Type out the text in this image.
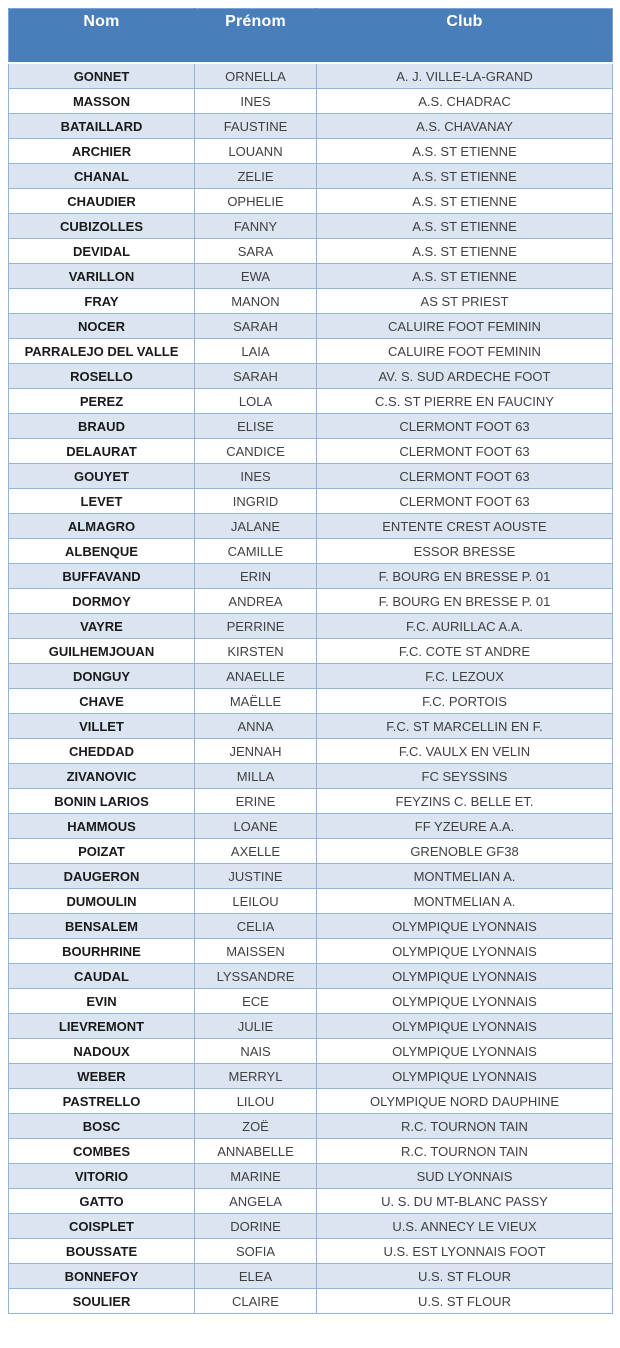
Nom	Prénom	Club
GONNET	ORNELLA	A. J. VILLE-LA-GRAND
MASSON	INES	A.S. CHADRAC
BATAILLARD	FAUSTINE	A.S. CHAVANAY
ARCHIER	LOUANN	A.S. ST ETIENNE
CHANAL	ZELIE	A.S. ST ETIENNE
CHAUDIER	OPHELIE	A.S. ST ETIENNE
CUBIZOLLES	FANNY	A.S. ST ETIENNE
DEVIDAL	SARA	A.S. ST ETIENNE
VARILLON	EWA	A.S. ST ETIENNE
FRAY	MANON	AS ST PRIEST
NOCER	SARAH	CALUIRE FOOT FEMININ
PARRALEJO DEL VALLE	LAIA	CALUIRE FOOT FEMININ
ROSELLO	SARAH	AV. S. SUD ARDECHE FOOT
PEREZ	LOLA	C.S. ST PIERRE EN FAUCINY
BRAUD	ELISE	CLERMONT FOOT 63
DELAURAT	CANDICE	CLERMONT FOOT 63
GOUYET	INES	CLERMONT FOOT 63
LEVET	INGRID	CLERMONT FOOT 63
ALMAGRO	JALANE	ENTENTE CREST AOUSTE
ALBENQUE	CAMILLE	ESSOR BRESSE
BUFFAVAND	ERIN	F. BOURG EN BRESSE P. 01
DORMOY	ANDREA	F. BOURG EN BRESSE P. 01
VAYRE	PERRINE	F.C. AURILLAC A.A.
GUILHEMJOUAN	KIRSTEN	F.C. COTE ST ANDRE
DONGUY	ANAELLE	F.C. LEZOUX
CHAVE	MAËLLE	F.C. PORTOIS
VILLET	ANNA	F.C. ST MARCELLIN EN F.
CHEDDAD	JENNAH	F.C. VAULX EN VELIN
ZIVANOVIC	MILLA	FC SEYSSINS
BONIN LARIOS	ERINE	FEYZINS C. BELLE ET.
HAMMOUS	LOANE	FF YZEURE A.A.
POIZAT	AXELLE	GRENOBLE GF38
DAUGERON	JUSTINE	MONTMELIAN A.
DUMOULIN	LEILOU	MONTMELIAN A.
BENSALEM	CELIA	OLYMPIQUE LYONNAIS
BOURHRINE	MAISSEN	OLYMPIQUE LYONNAIS
CAUDAL	LYSSANDRE	OLYMPIQUE LYONNAIS
EVIN	ECE	OLYMPIQUE LYONNAIS
LIEVREMONT	JULIE	OLYMPIQUE LYONNAIS
NADOUX	NAIS	OLYMPIQUE LYONNAIS
WEBER	MERRYL	OLYMPIQUE LYONNAIS
PASTRELLO	LILOU	OLYMPIQUE NORD DAUPHINE
BOSC	ZOË	R.C. TOURNON TAIN
COMBES	ANNABELLE	R.C. TOURNON TAIN
VITORIO	MARINE	SUD LYONNAIS
GATTO	ANGELA	U. S. DU MT-BLANC PASSY
COISPLET	DORINE	U.S. ANNECY LE VIEUX
BOUSSATE	SOFIA	U.S. EST LYONNAIS FOOT
BONNEFOY	ELEA	U.S. ST FLOUR
SOULIER	CLAIRE	U.S. ST FLOUR
